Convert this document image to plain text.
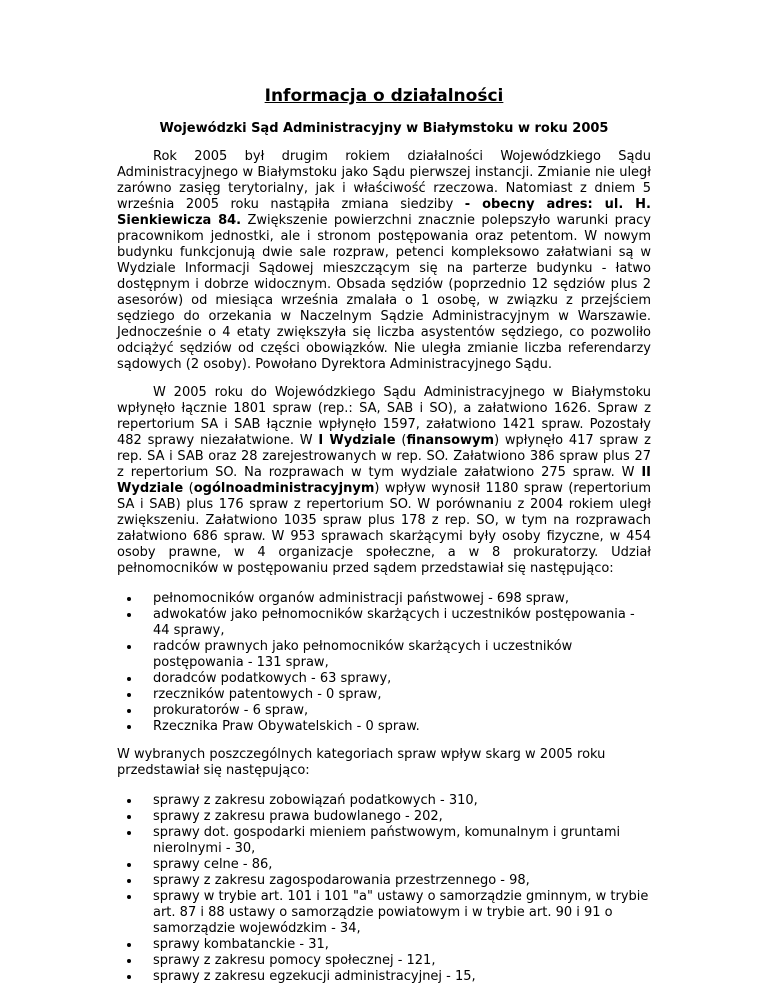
Informacja o działalności
Wojewódzki Sąd Administracyjny w Białymstoku w roku 2005

Rok 2005 był drugim rokiem działalności Wojewódzkiego Sądu Administracyjnego w Białymstoku jako Sądu pierwszej instancji. Zmianie nie uległ zarówno zasięg terytorialny, jak i właściwość rzeczowa. Natomiast z dniem 5 września 2005 roku nastąpiła zmiana siedziby - obecny adres: ul. H. Sienkiewicza 84. Zwiększenie powierzchni znacznie polepszyło warunki pracy pracownikom jednostki, ale i stronom postępowania oraz petentom. W nowym budynku funkcjonują dwie sale rozpraw, petenci kompleksowo załatwiani są w Wydziale Informacji Sądowej mieszczącym się na parterze budynku - łatwo dostępnym i dobrze widocznym. Obsada sędziów (poprzednio 12 sędziów plus 2 asesorów) od miesiąca września zmalała o 1 osobę, w związku z przejściem sędziego do orzekania w Naczelnym Sądzie Administracyjnym w Warszawie. Jednocześnie o 4 etaty zwiększyła się liczba asystentów sędziego, co pozwoliło odciążyć sędziów od części obowiązków. Nie uległa zmianie liczba referendarzy sądowych (2 osoby). Powołano Dyrektora Administracyjnego Sądu.

W 2005 roku do Wojewódzkiego Sądu Administracyjnego w Białymstoku wpłynęło łącznie 1801 spraw (rep.: SA, SAB i SO), a załatwiono 1626. Spraw z repertorium SA i SAB łącznie wpłynęło 1597, załatwiono 1421 spraw. Pozostały 482 sprawy niezałatwione. W I Wydziale (finansowym) wpłynęło 417 spraw z rep. SA i SAB oraz 28 zarejestrowanych w rep. SO. Załatwiono 386 spraw plus 27 z repertorium SO. Na rozprawach w tym wydziale załatwiono 275 spraw. W II Wydziale (ogólnoadministracyjnym) wpływ wynosił 1180 spraw (repertorium SA i SAB) plus 176 spraw z repertorium SO. W porównaniu z 2004 rokiem uległ zwiększeniu. Załatwiono 1035 spraw plus 178 z rep. SO, w tym na rozprawach załatwiono 686 spraw. W 953 sprawach skarżącymi były osoby fizyczne, w 454 osoby prawne, w 4 organizacje społeczne, a w 8 prokuratorzy. Udział pełnomocników w postępowaniu przed sądem przedstawiał się następująco:

pełnomocników organów administracji państwowej - 698 spraw,
adwokatów jako pełnomocników skarżących i uczestników postępowania - 44 sprawy,
radców prawnych jako pełnomocników skarżących i uczestników postępowania - 131 spraw,
doradców podatkowych - 63 sprawy,
rzeczników patentowych - 0 spraw,
prokuratorów - 6 spraw,
Rzecznika Praw Obywatelskich - 0 spraw.

W wybranych poszczególnych kategoriach spraw wpływ skarg w 2005 roku przedstawiał się następująco:

sprawy z zakresu zobowiązań podatkowych - 310,
sprawy z zakresu prawa budowlanego - 202,
sprawy dot. gospodarki mieniem państwowym, komunalnym i gruntami nierolnymi - 30,
sprawy celne - 86,
sprawy z zakresu zagospodarowania przestrzennego - 98,
sprawy w trybie art. 101 i 101 "a" ustawy o samorządzie gminnym, w trybie art. 87 i 88 ustawy o samorządzie powiatowym i w trybie art. 90 i 91 o samorządzie wojewódzkim - 34,
sprawy kombatanckie - 31,
sprawy z zakresu pomocy społecznej - 121,
sprawy z zakresu egzekucji administracyjnej - 15,
